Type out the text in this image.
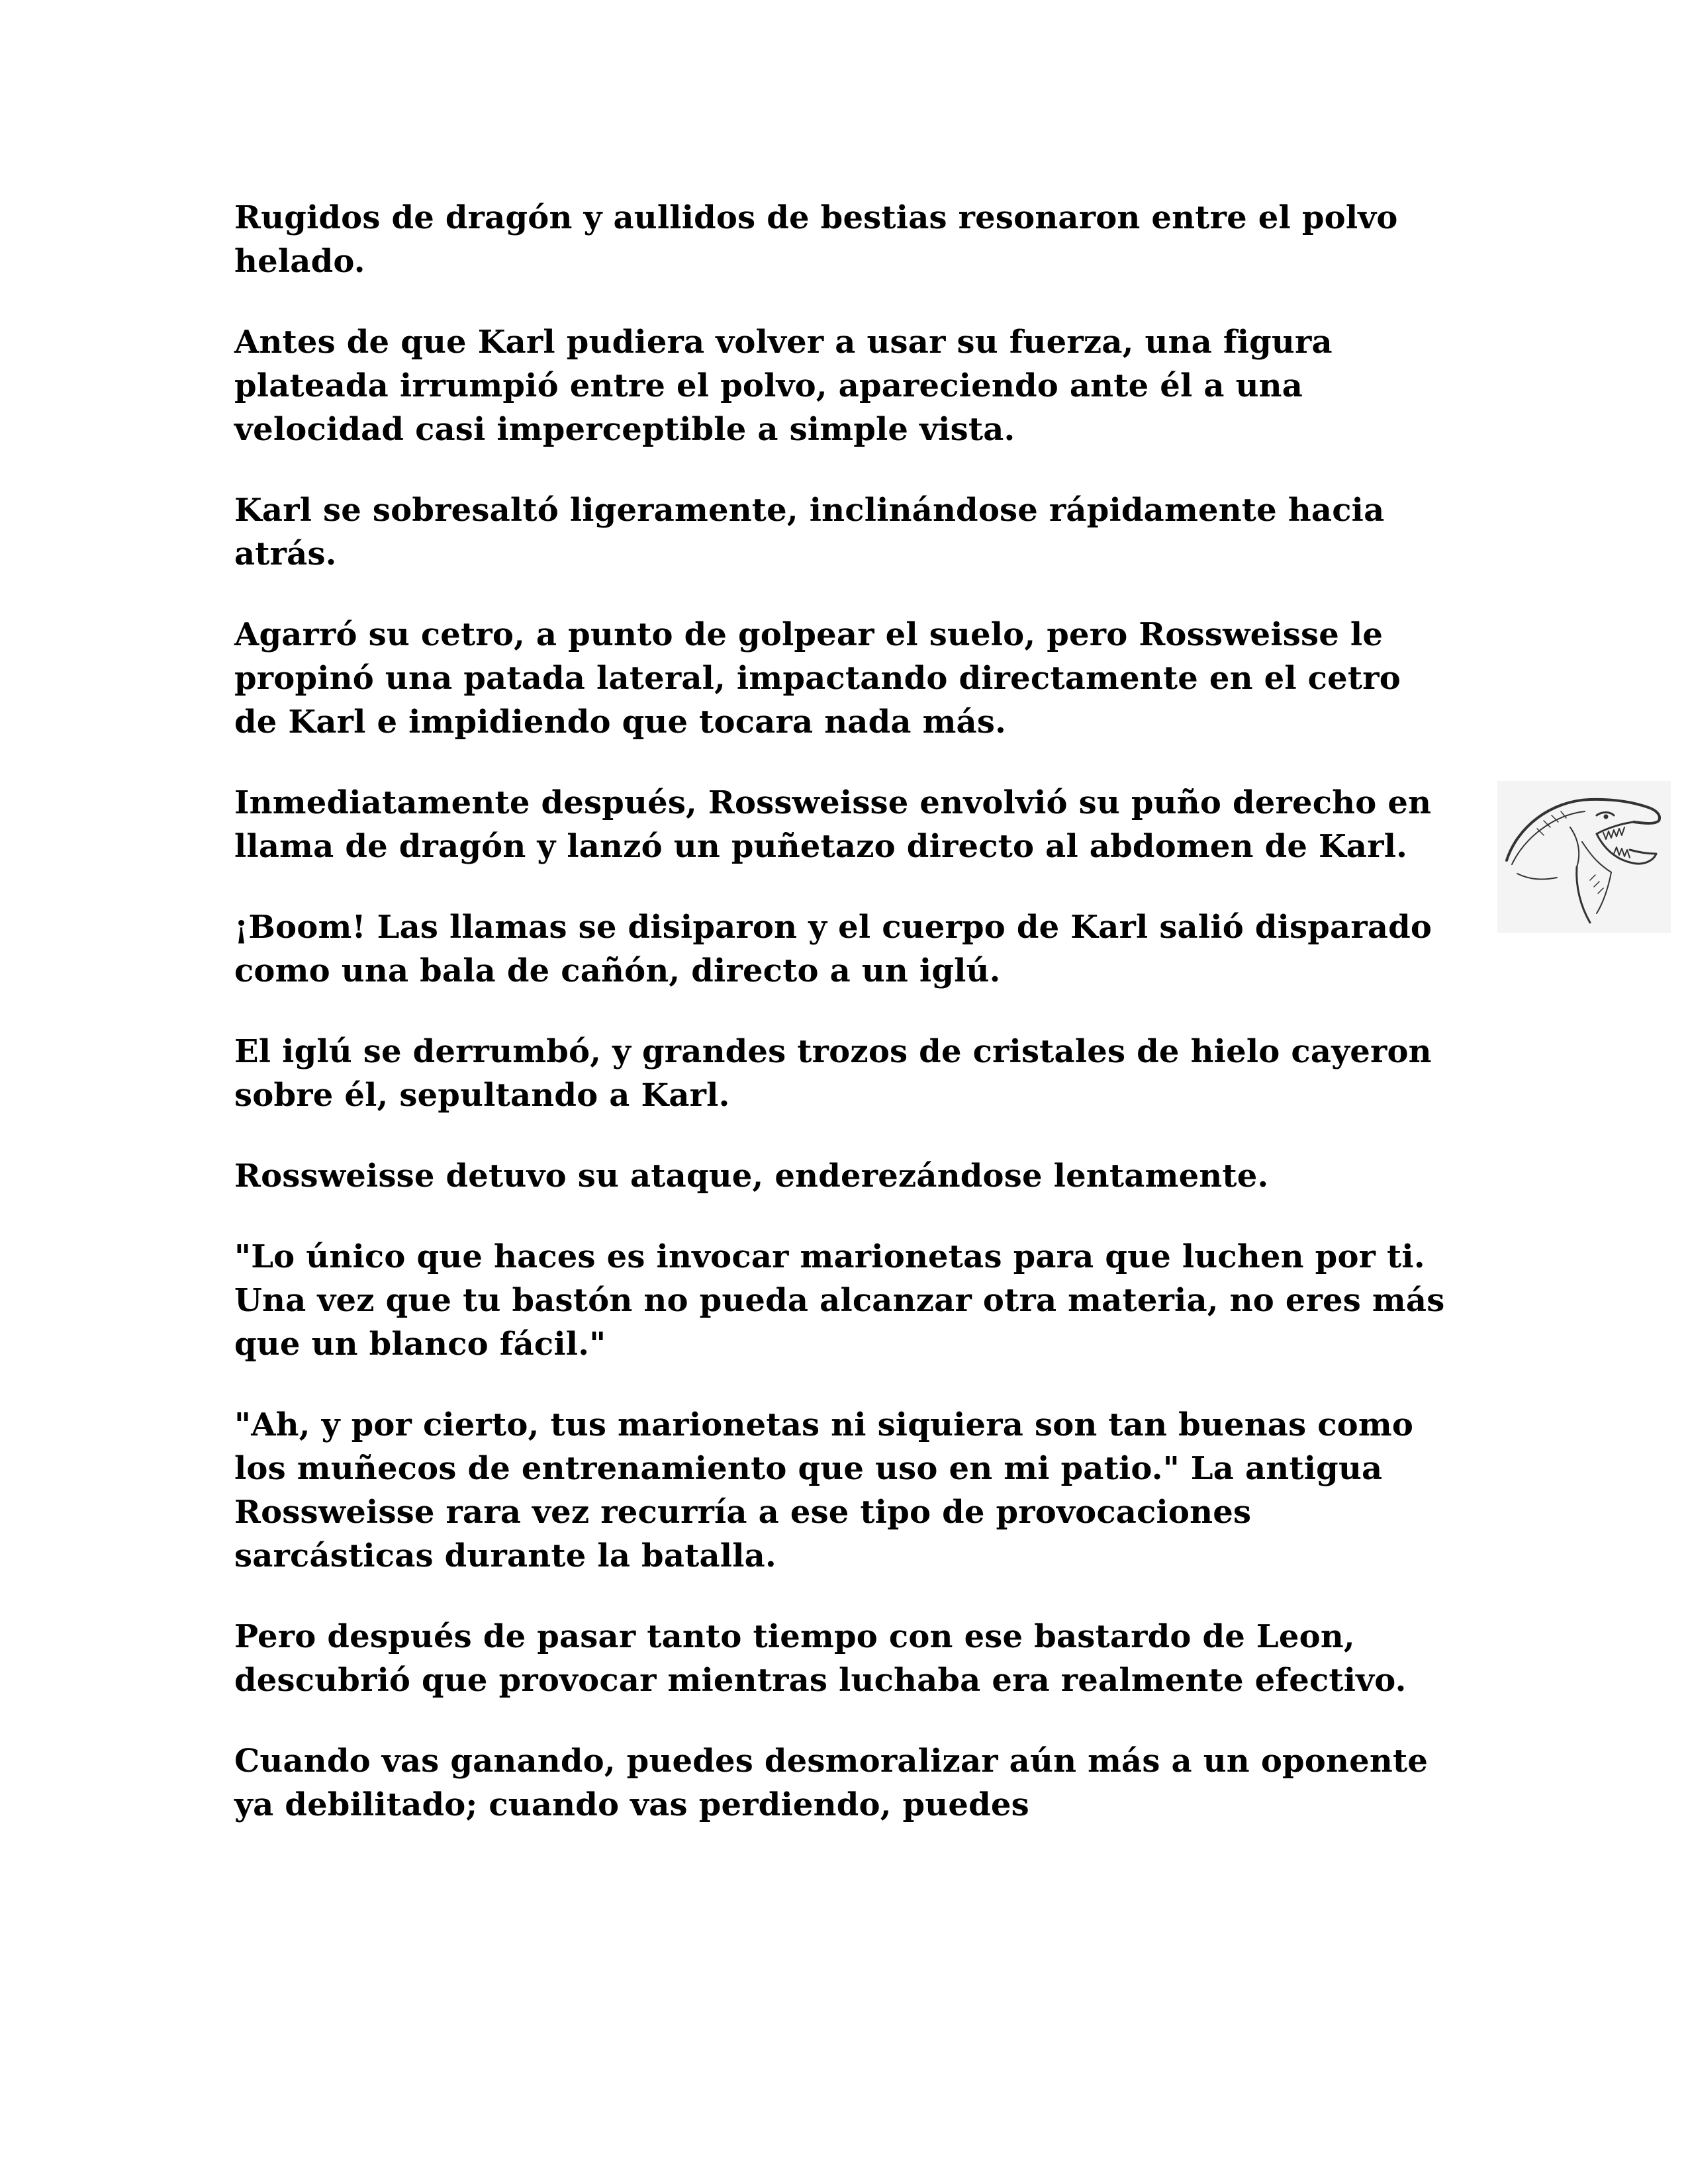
Rugidos de dragón y aullidos de bestias resonaron entre el polvo helado.

Antes de que Karl pudiera volver a usar su fuerza, una figura plateada irrumpió entre el polvo, apareciendo ante él a una velocidad casi imperceptible a simple vista.

Karl se sobresaltó ligeramente, inclinándose rápidamente hacia atrás.

Agarró su cetro, a punto de golpear el suelo, pero Rossweisse le propinó una patada lateral, impactando directamente en el cetro de Karl e impidiendo que tocara nada más.

Inmediatamente después, Rossweisse envolvió su puño derecho en llama de dragón y lanzó un puñetazo directo al abdomen de Karl.

¡Boom! Las llamas se disiparon y el cuerpo de Karl salió disparado como una bala de cañón, directo a un iglú.

El iglú se derrumbó, y grandes trozos de cristales de hielo cayeron sobre él, sepultando a Karl.

Rossweisse detuvo su ataque, enderezándose lentamente.

"Lo único que haces es invocar marionetas para que luchen por ti. Una vez que tu bastón no pueda alcanzar otra materia, no eres más que un blanco fácil."

"Ah, y por cierto, tus marionetas ni siquiera son tan buenas como los muñecos de entrenamiento que uso en mi patio." La antigua Rossweisse rara vez recurría a ese tipo de provocaciones sarcásticas durante la batalla.

Pero después de pasar tanto tiempo con ese bastardo de Leon, descubrió que provocar mientras luchaba era realmente efectivo.

Cuando vas ganando, puedes desmoralizar aún más a un oponente ya debilitado; cuando vas perdiendo, puedes
